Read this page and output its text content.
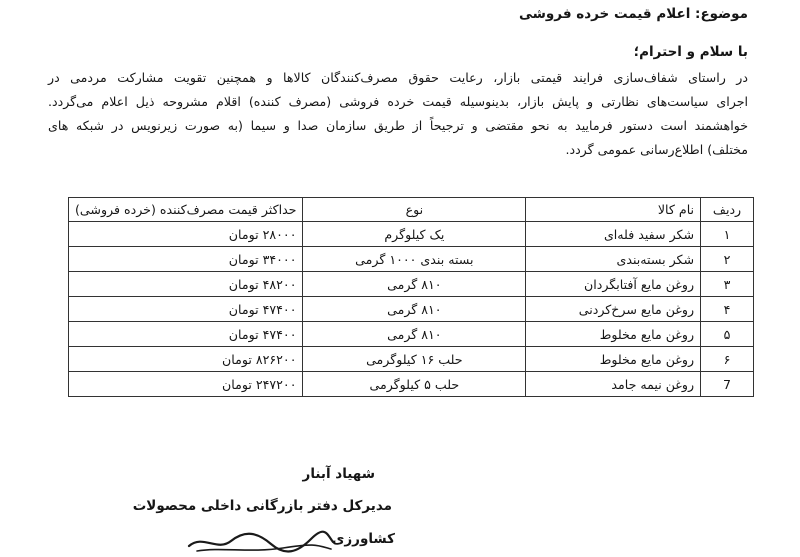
موضوع: اعلام قیمت خرده فروشی
با سلام و احترام؛
در راستای شفاف‌سازی فرایند قیمتی بازار، رعایت حقوق مصرف‌کنندگان کالاها و همچنین تقویت مشارکت مردمی در
اجرای سیاست‌های نظارتی و پایش بازار، بدینوسیله قیمت خرده فروشی (مصرف کننده) اقلام مشروحه ذیل اعلام می‌گردد.
خواهشمند است دستور فرمایید به نحو مقتضی و ترجیحاً از طریق سازمان صدا و سیما (به صورت زیرنویس در شبکه های
مختلف) اطلاع‌رسانی عمومی گردد.
ردیف	نام کالا	نوع	حداکثر قیمت مصرف‌کننده (خرده فروشی)
۱	شکر سفید فله‌ای	یک کیلوگرم	۲۸۰۰۰ تومان
۲	شکر بسته‌بندی	بسته بندی ۱۰۰۰ گرمی	۳۴۰۰۰ تومان
۳	روغن مایع آفتابگردان	۸۱۰ گرمی	۴۸۲۰۰ تومان
۴	روغن مایع سرخ‌کردنی	۸۱۰ گرمی	۴۷۴۰۰ تومان
۵	روغن مایع مخلوط	۸۱۰ گرمی	۴۷۴۰۰ تومان
۶	روغن مایع مخلوط	حلب ۱۶ کیلوگرمی	۸۲۶۲۰۰ تومان
7	روغن نیمه جامد	حلب ۵ کیلوگرمی	۲۴۷۲۰۰ تومان
شهیاد آبنار
مدیرکل دفتر بازرگانی داخلی محصولات
کشاورزی
